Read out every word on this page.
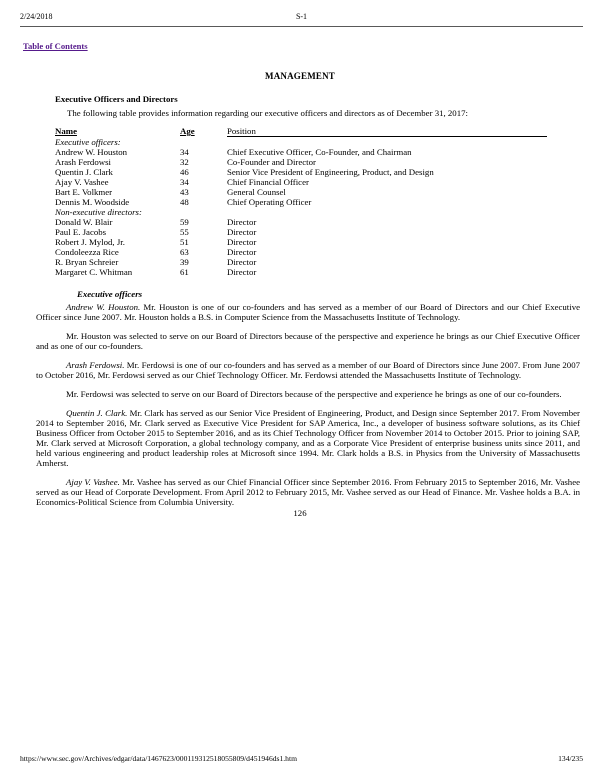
2/24/2018	S-1
Table of Contents
MANAGEMENT
Executive Officers and Directors
The following table provides information regarding our executive officers and directors as of December 31, 2017:
Name	Age		Position
Executive officers:			
Andrew W. Houston	34		Chief Executive Officer, Co-Founder, and Chairman
Arash Ferdowsi	32		Co-Founder and Director
Quentin J. Clark	46		Senior Vice President of Engineering, Product, and Design
Ajay V. Vashee	34		Chief Financial Officer
Bart E. Volkmer	43		General Counsel
Dennis M. Woodside	48		Chief Operating Officer
Non-executive directors:			
Donald W. Blair	59		Director
Paul E. Jacobs	55		Director
Robert J. Mylod, Jr.	51		Director
Condoleezza Rice	63		Director
R. Bryan Schreier	39		Director
Margaret C. Whitman	61		Director
Executive officers

Andrew W. Houston. Mr. Houston is one of our co-founders and has served as a member of our Board of Directors and our Chief Executive Officer since June 2007. Mr. Houston holds a B.S. in Computer Science from the Massachusetts Institute of Technology.

Mr. Houston was selected to serve on our Board of Directors because of the perspective and experience he brings as our Chief Executive Officer and as one of our co-founders.

Arash Ferdowsi. Mr. Ferdowsi is one of our co-founders and has served as a member of our Board of Directors since June 2007. From June 2007 to October 2016, Mr. Ferdowsi served as our Chief Technology Officer. Mr. Ferdowsi attended the Massachusetts Institute of Technology.

Mr. Ferdowsi was selected to serve on our Board of Directors because of the perspective and experience he brings as one of our co-founders.

Quentin J. Clark. Mr. Clark has served as our Senior Vice President of Engineering, Product, and Design since September 2017. From November 2014 to September 2016, Mr. Clark served as Executive Vice President for SAP America, Inc., a developer of business software solutions, as its Chief Business Officer from October 2015 to September 2016, and as its Chief Technology Officer from November 2014 to October 2015. Prior to joining SAP, Mr. Clark served at Microsoft Corporation, a global technology company, and as a Corporate Vice President of enterprise business units since 2011, and held various engineering and product leadership roles at Microsoft since 1994. Mr. Clark holds a B.S. in Physics from the University of Massachusetts Amherst.

Ajay V. Vashee. Mr. Vashee has served as our Chief Financial Officer since September 2016. From February 2015 to September 2016, Mr. Vashee served as our Head of Corporate Development. From April 2012 to February 2015, Mr. Vashee served as our Head of Finance. Mr. Vashee holds a B.A. in Economics-Political Science from Columbia University.

126
https://www.sec.gov/Archives/edgar/data/1467623/000119312518055809/d451946ds1.htm	134/235
